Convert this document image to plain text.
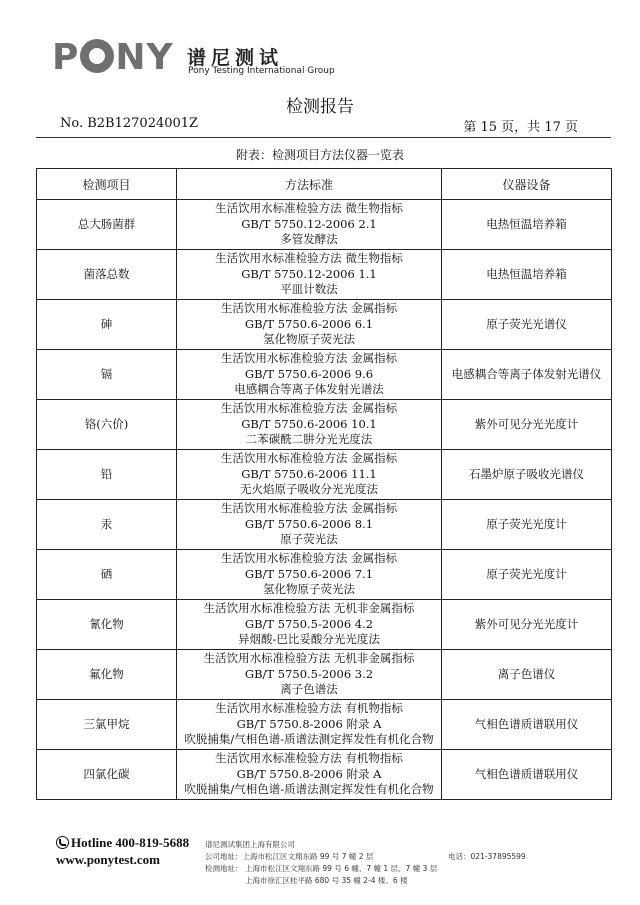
P NY 谱尼测试
Pony Testing International Group
检测报告
No. B2B127024001Z	第 15 页，共 17 页
附表：检测项目方法仪器一览表
检测项目	方法标准	仪器设备
总大肠菌群	生活饮用水标准检验方法 微生物指标
GB/T 5750.12-2006 2.1
多管发酵法	电热恒温培养箱
菌落总数	生活饮用水标准检验方法 微生物指标
GB/T 5750.12-2006 1.1
平皿计数法	电热恒温培养箱
砷	生活饮用水标准检验方法 金属指标
GB/T 5750.6-2006 6.1
氢化物原子荧光法	原子荧光光谱仪
镉	生活饮用水标准检验方法 金属指标
GB/T 5750.6-2006 9.6
电感耦合等离子体发射光谱法	电感耦合等离子体发射光谱仪
铬(六价)	生活饮用水标准检验方法 金属指标
GB/T 5750.6-2006 10.1
二苯碳酰二肼分光光度法	紫外可见分光光度计
铅	生活饮用水标准检验方法 金属指标
GB/T 5750.6-2006 11.1
无火焰原子吸收分光光度法	石墨炉原子吸收光谱仪
汞	生活饮用水标准检验方法 金属指标
GB/T 5750.6-2006 8.1
原子荧光法	原子荧光光度计
硒	生活饮用水标准检验方法 金属指标
GB/T 5750.6-2006 7.1
氢化物原子荧光法	原子荧光光度计
氰化物	生活饮用水标准检验方法 无机非金属指标
GB/T 5750.5-2006 4.2
异烟酸-巴比妥酸分光光度法	紫外可见分光光度计
氟化物	生活饮用水标准检验方法 无机非金属指标
GB/T 5750.5-2006 3.2
离子色谱法	离子色谱仪
三氯甲烷	生活饮用水标准检验方法 有机物指标
GB/T 5750.8-2006 附录 A
吹脱捕集/气相色谱-质谱法测定挥发性有机化合物	气相色谱质谱联用仪
四氯化碳	生活饮用水标准检验方法 有机物指标
GB/T 5750.8-2006 附录 A
吹脱捕集/气相色谱-质谱法测定挥发性有机化合物	气相色谱质谱联用仪
Hotline 400-819-5688
www.ponytest.com
谱尼测试集团上海有限公司
公司地址：上海市松江区文翔东路 99 号 7 幢 2 层	电话：021-37895599
检测地址： 上海市松江区文翔东路 99 号 6 幢、7 幢 1 层、7 幢 3 层
上海市徐汇区桂平路 680 号 35 幢 2-4 楼、6 楼
